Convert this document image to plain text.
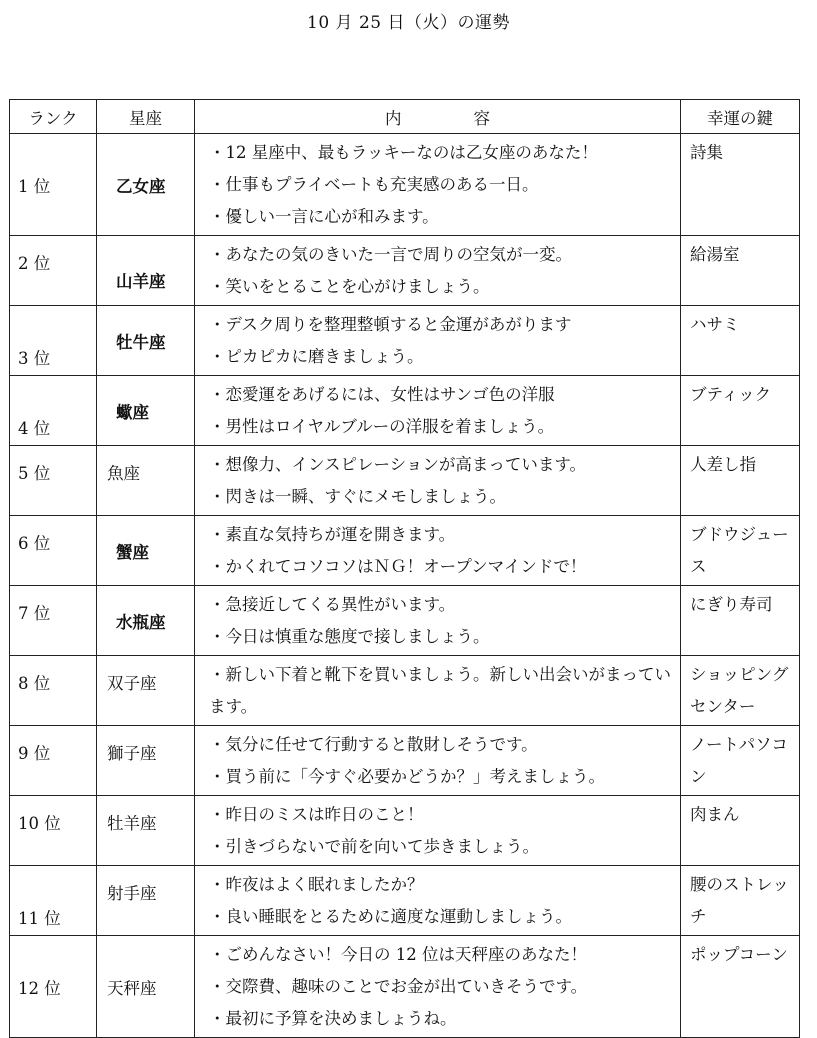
10 月 25 日（火）の運勢
ランク	星座	内 容	幸運の鍵
1 位	乙女座	・12 星座中、最もラッキーなのは乙女座のあなた！
・仕事もプライベートも充実感のある一日。
・優しい一言に心が和みます。	詩集
2 位	山羊座	・あなたの気のきいた一言で周りの空気が一変。
・笑いをとることを心がけましょう。	給湯室
3 位	牡牛座	・デスク周りを整理整頓すると金運があがります
・ピカピカに磨きましょう。	ハサミ
4 位	蠍座	・恋愛運をあげるには、女性はサンゴ色の洋服
・男性はロイヤルブルーの洋服を着ましょう。	ブティック
5 位	魚座	・想像力、インスピレーションが高まっています。
・閃きは一瞬、すぐにメモしましょう。	人差し指
6 位	蟹座	・素直な気持ちが運を開きます。
・かくれてコソコソはＮＧ！オープンマインドで！	ブドウジュース
7 位	水瓶座	・急接近してくる異性がいます。
・今日は慎重な態度で接しましょう。	にぎり寿司
8 位	双子座	・新しい下着と靴下を買いましょう。新しい出会いがまっています。	ショッピングセンター
9 位	獅子座	・気分に任せて行動すると散財しそうです。
・買う前に「今すぐ必要かどうか？」考えましょう。	ノートパソコン
10 位	牡羊座	・昨日のミスは昨日のこと！
・引きづらないで前を向いて歩きましょう。	肉まん
11 位	射手座	・昨夜はよく眠れましたか？
・良い睡眠をとるために適度な運動しましょう。	腰のストレッチ
12 位	天秤座	・ごめんなさい！今日の 12 位は天秤座のあなた！
・交際費、趣味のことでお金が出ていきそうです。
・最初に予算を決めましょうね。	ポップコーン
